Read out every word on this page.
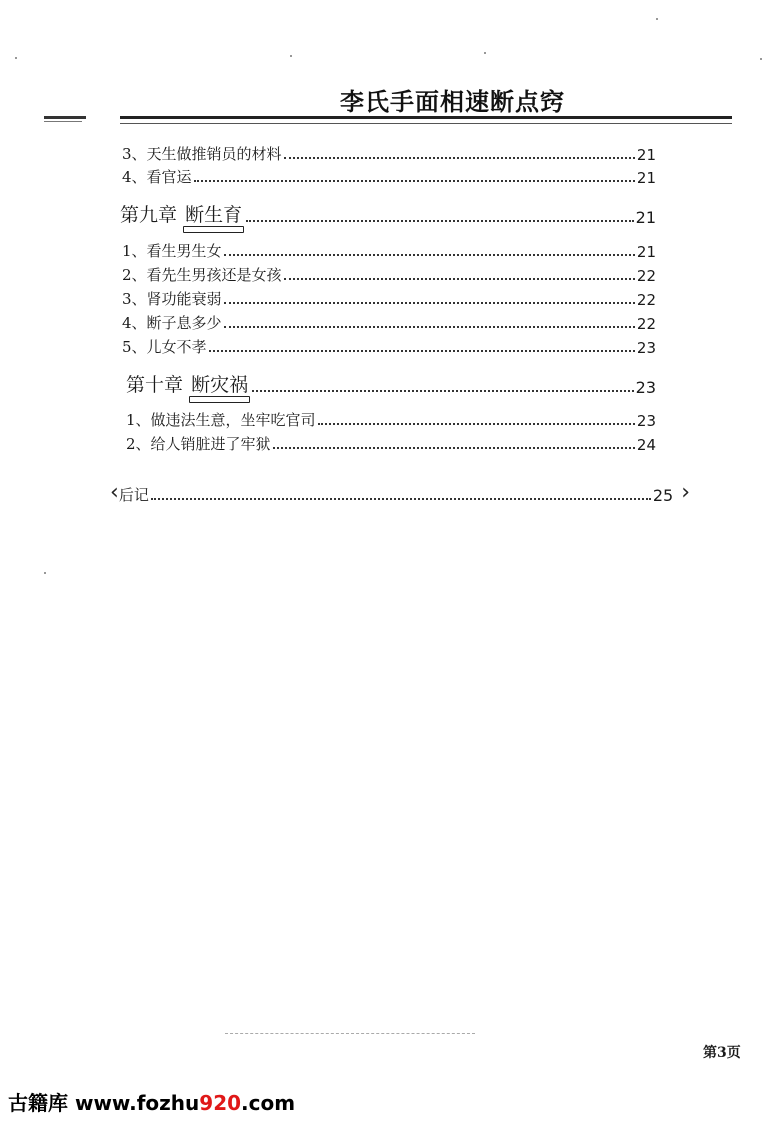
李氏手面相速断点窍
3、天生做推销员的材料	21
4、看官运	21
第九章 断生育	21
1、看生男生女	21
2、看先生男孩还是女孩	22
3、肾功能衰弱	22
4、断子息多少	22
5、儿女不孝	23
第十章 断灾祸	23
1、做违法生意，坐牢吃官司	23
2、给人销脏进了牢狱	24
‹ 后记	25 ›
第3页
古籍库 www.fozhu920.com
